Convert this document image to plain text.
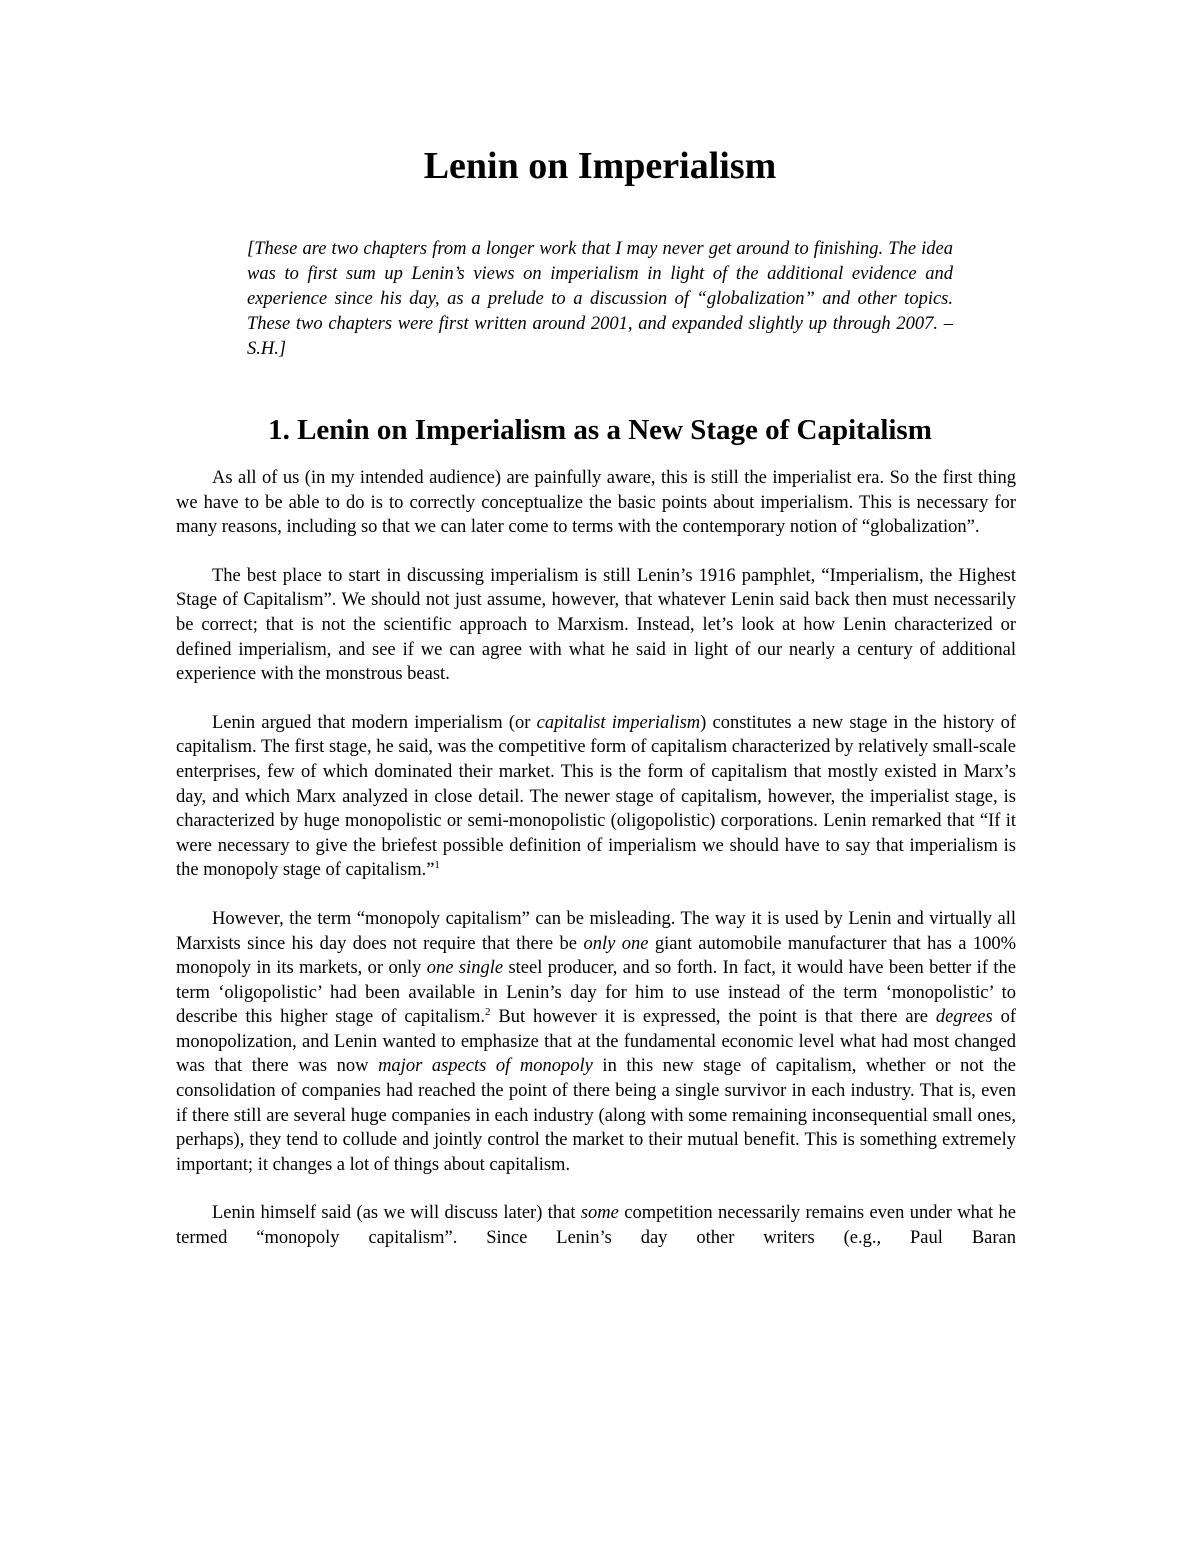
Lenin on Imperialism

[These are two chapters from a longer work that I may never get around to finishing. The idea was to first sum up Lenin’s views on imperialism in light of the additional evidence and experience since his day, as a prelude to a discussion of “globalization” and other topics. These two chapters were first written around 2001, and expanded slightly up through 2007. –S.H.]

1. Lenin on Imperialism as a New Stage of Capitalism

As all of us (in my intended audience) are painfully aware, this is still the imperialist era. So the first thing we have to be able to do is to correctly conceptualize the basic points about imperialism. This is necessary for many reasons, including so that we can later come to terms with the contemporary notion of “globalization”.

The best place to start in discussing imperialism is still Lenin’s 1916 pamphlet, “Imperialism, the Highest Stage of Capitalism”. We should not just assume, however, that whatever Lenin said back then must necessarily be correct; that is not the scientific approach to Marxism. Instead, let’s look at how Lenin characterized or defined imperialism, and see if we can agree with what he said in light of our nearly a century of additional experience with the monstrous beast.

Lenin argued that modern imperialism (or capitalist imperialism) constitutes a new stage in the history of capitalism. The first stage, he said, was the competitive form of capitalism characterized by relatively small-scale enterprises, few of which dominated their market. This is the form of capitalism that mostly existed in Marx’s day, and which Marx analyzed in close detail. The newer stage of capitalism, however, the imperialist stage, is characterized by huge monopolistic or semi-monopolistic (oligopolistic) corporations. Lenin remarked that “If it were necessary to give the briefest possible definition of imperialism we should have to say that imperialism is the monopoly stage of capitalism.”$^1$

However, the term “monopoly capitalism” can be misleading. The way it is used by Lenin and virtually all Marxists since his day does not require that there be only one giant automobile manufacturer that has a 100% monopoly in its markets, or only one single steel producer, and so forth. In fact, it would have been better if the term ‘oligopolistic’ had been available in Lenin’s day for him to use instead of the term ‘monopolistic’ to describe this higher stage of capitalism.$^2$ But however it is expressed, the point is that there are degrees of monopolization, and Lenin wanted to emphasize that at the fundamental economic level what had most changed was that there was now major aspects of monopoly in this new stage of capitalism, whether or not the consolidation of companies had reached the point of there being a single survivor in each industry. That is, even if there still are several huge companies in each industry (along with some remaining inconsequential small ones, perhaps), they tend to collude and jointly control the market to their mutual benefit. This is something extremely important; it changes a lot of things about capitalism.

Lenin himself said (as we will discuss later) that some competition necessarily remains even under what he termed “monopoly capitalism”. Since Lenin’s day other writers (e.g., Paul Baran
